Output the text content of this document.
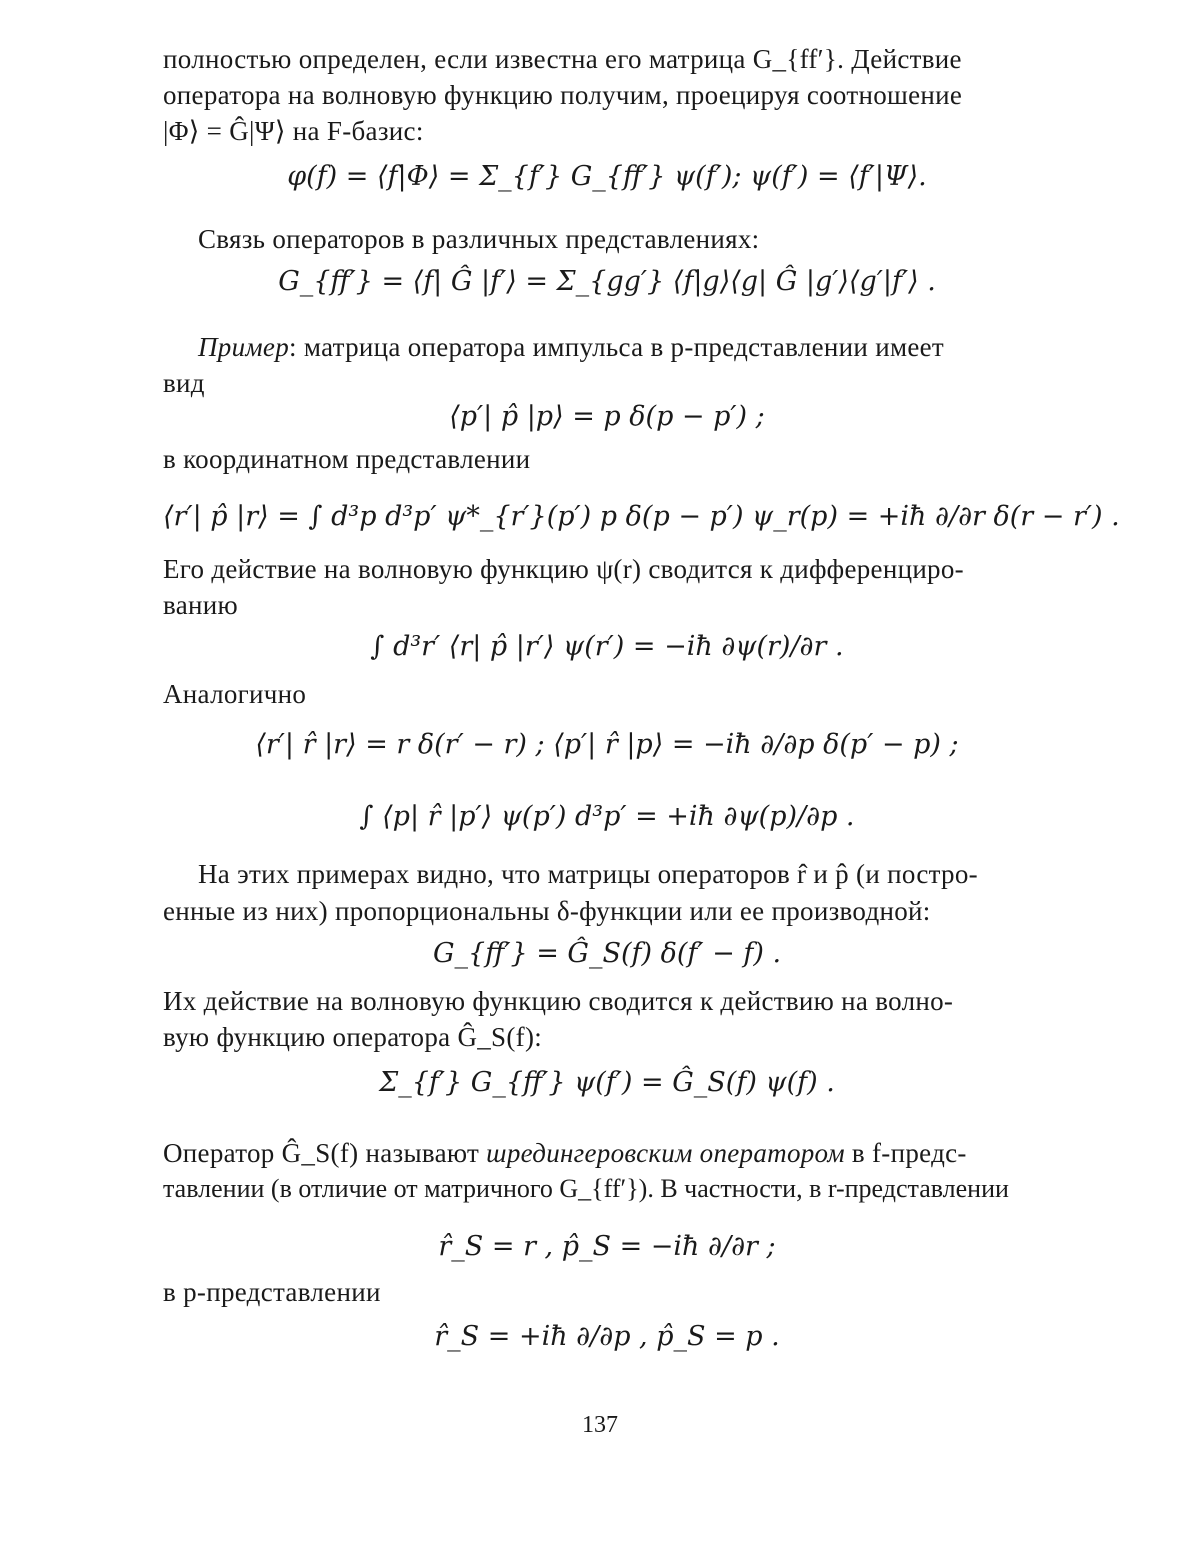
полностью определен, если известна его матрица G_{ff′}. Действие
оператора на волновую функцию получим, проецируя соотношение
|Φ⟩ = Ĝ|Ψ⟩ на F-базис:
φ(f) = ⟨f|Φ⟩ = Σ_{f′} G_{ff′} ψ(f′); ψ(f′) = ⟨f′|Ψ⟩.
Связь операторов в различных представлениях:
G_{ff′} = ⟨f| Ĝ |f′⟩ = Σ_{gg′} ⟨f|g⟩⟨g| Ĝ |g′⟩⟨g′|f′⟩ .
Пример: матрица оператора импульса в p-представлении имеет
вид
⟨p′| p̂ |p⟩ = p δ(p − p′) ;
в координатном представлении
⟨r′| p̂ |r⟩ = ∫ d³p d³p′ ψ*_{r′}(p′) p δ(p − p′) ψ_r(p) = +iħ ∂/∂r δ(r − r′) .
Его действие на волновую функцию ψ(r) сводится к дифференциро-
ванию
∫ d³r′ ⟨r| p̂ |r′⟩ ψ(r′) = −iħ ∂ψ(r)/∂r .
Аналогично
⟨r′| r̂ |r⟩ = r δ(r′ − r) ; ⟨p′| r̂ |p⟩ = −iħ ∂/∂p δ(p′ − p) ;
∫ ⟨p| r̂ |p′⟩ ψ(p′) d³p′ = +iħ ∂ψ(p)/∂p .
На этих примерах видно, что матрицы операторов r̂ и p̂ (и постро-
енные из них) пропорциональны δ-функции или ее производной:
G_{ff′} = Ĝ_S(f) δ(f′ − f) .
Их действие на волновую функцию сводится к действию на волно-
вую функцию оператора Ĝ_S(f):
Σ_{f′} G_{ff′} ψ(f′) = Ĝ_S(f) ψ(f) .
Оператор Ĝ_S(f) называют шредингеровским оператором в f-предс-
тавлении (в отличие от матричного G_{ff′}). В частности, в r-представлении
r̂_S = r , p̂_S = −iħ ∂/∂r ;
в p-представлении
r̂_S = +iħ ∂/∂p , p̂_S = p .
137
